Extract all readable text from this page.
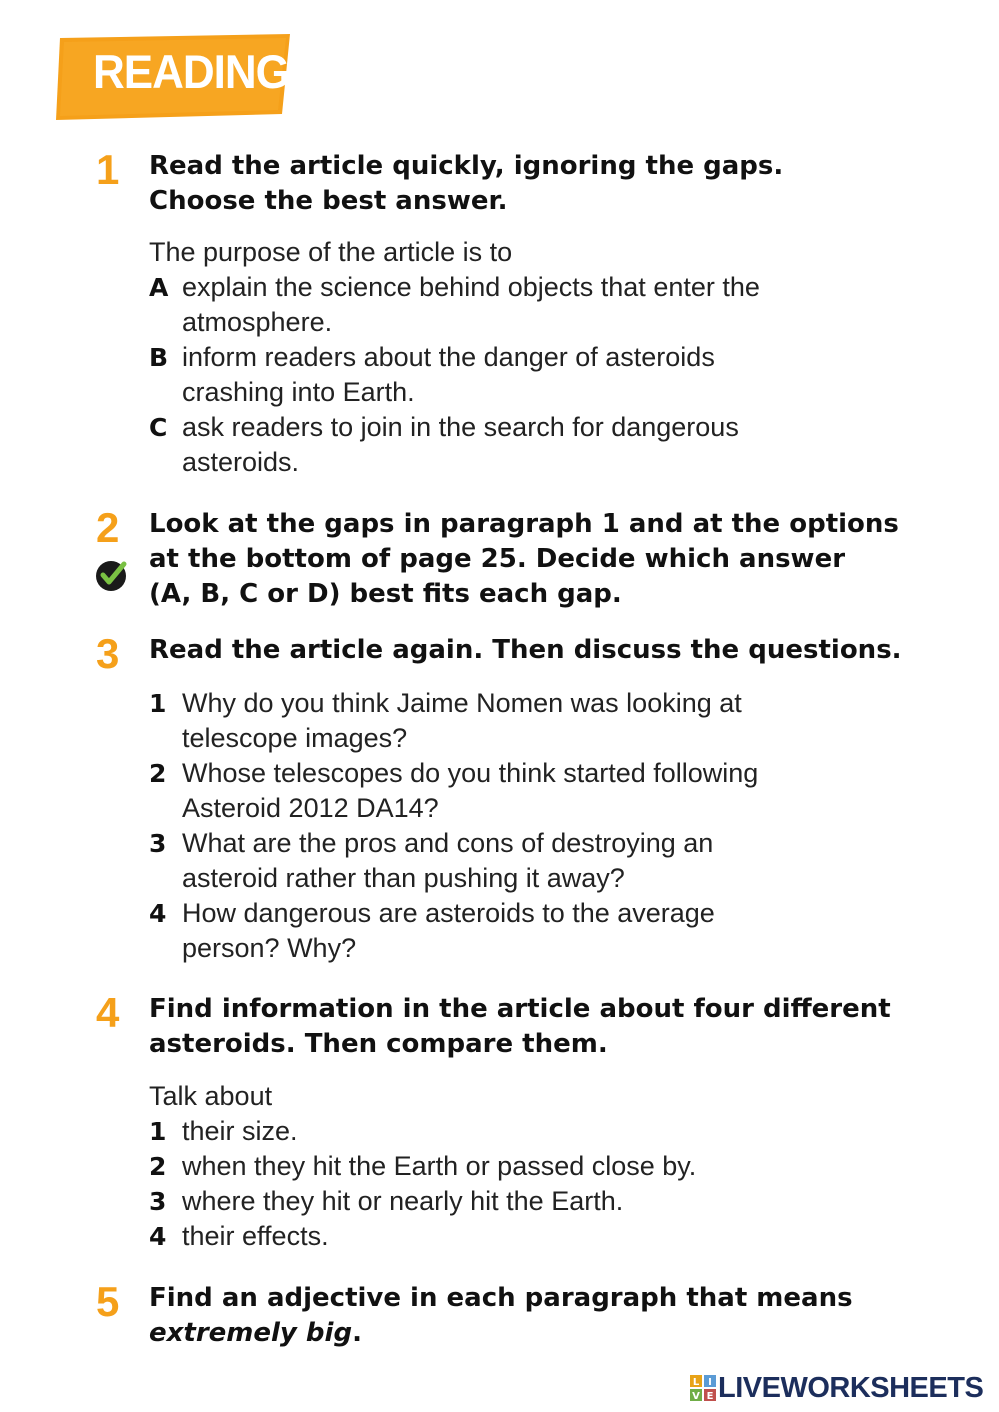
READING
1 Read the article quickly, ignoring the gaps.
Choose the best answer.
The purpose of the article is to
A explain the science behind objects that enter the
atmosphere.
B inform readers about the danger of asteroids
crashing into Earth.
C ask readers to join in the search for dangerous
asteroids.
2 Look at the gaps in paragraph 1 and at the options
at the bottom of page 25. Decide which answer
(A, B, C or D) best fits each gap.
3 Read the article again. Then discuss the questions.
1 Why do you think Jaime Nomen was looking at
telescope images?
2 Whose telescopes do you think started following
Asteroid 2012 DA14?
3 What are the pros and cons of destroying an
asteroid rather than pushing it away?
4 How dangerous are asteroids to the average
person? Why?
4 Find information in the article about four different
asteroids. Then compare them.
Talk about
1 their size.
2 when they hit the Earth or passed close by.
3 where they hit or nearly hit the Earth.
4 their effects.
5 Find an adjective in each paragraph that means
extremely big.
L I
V E LIVEWORKSHEETS
